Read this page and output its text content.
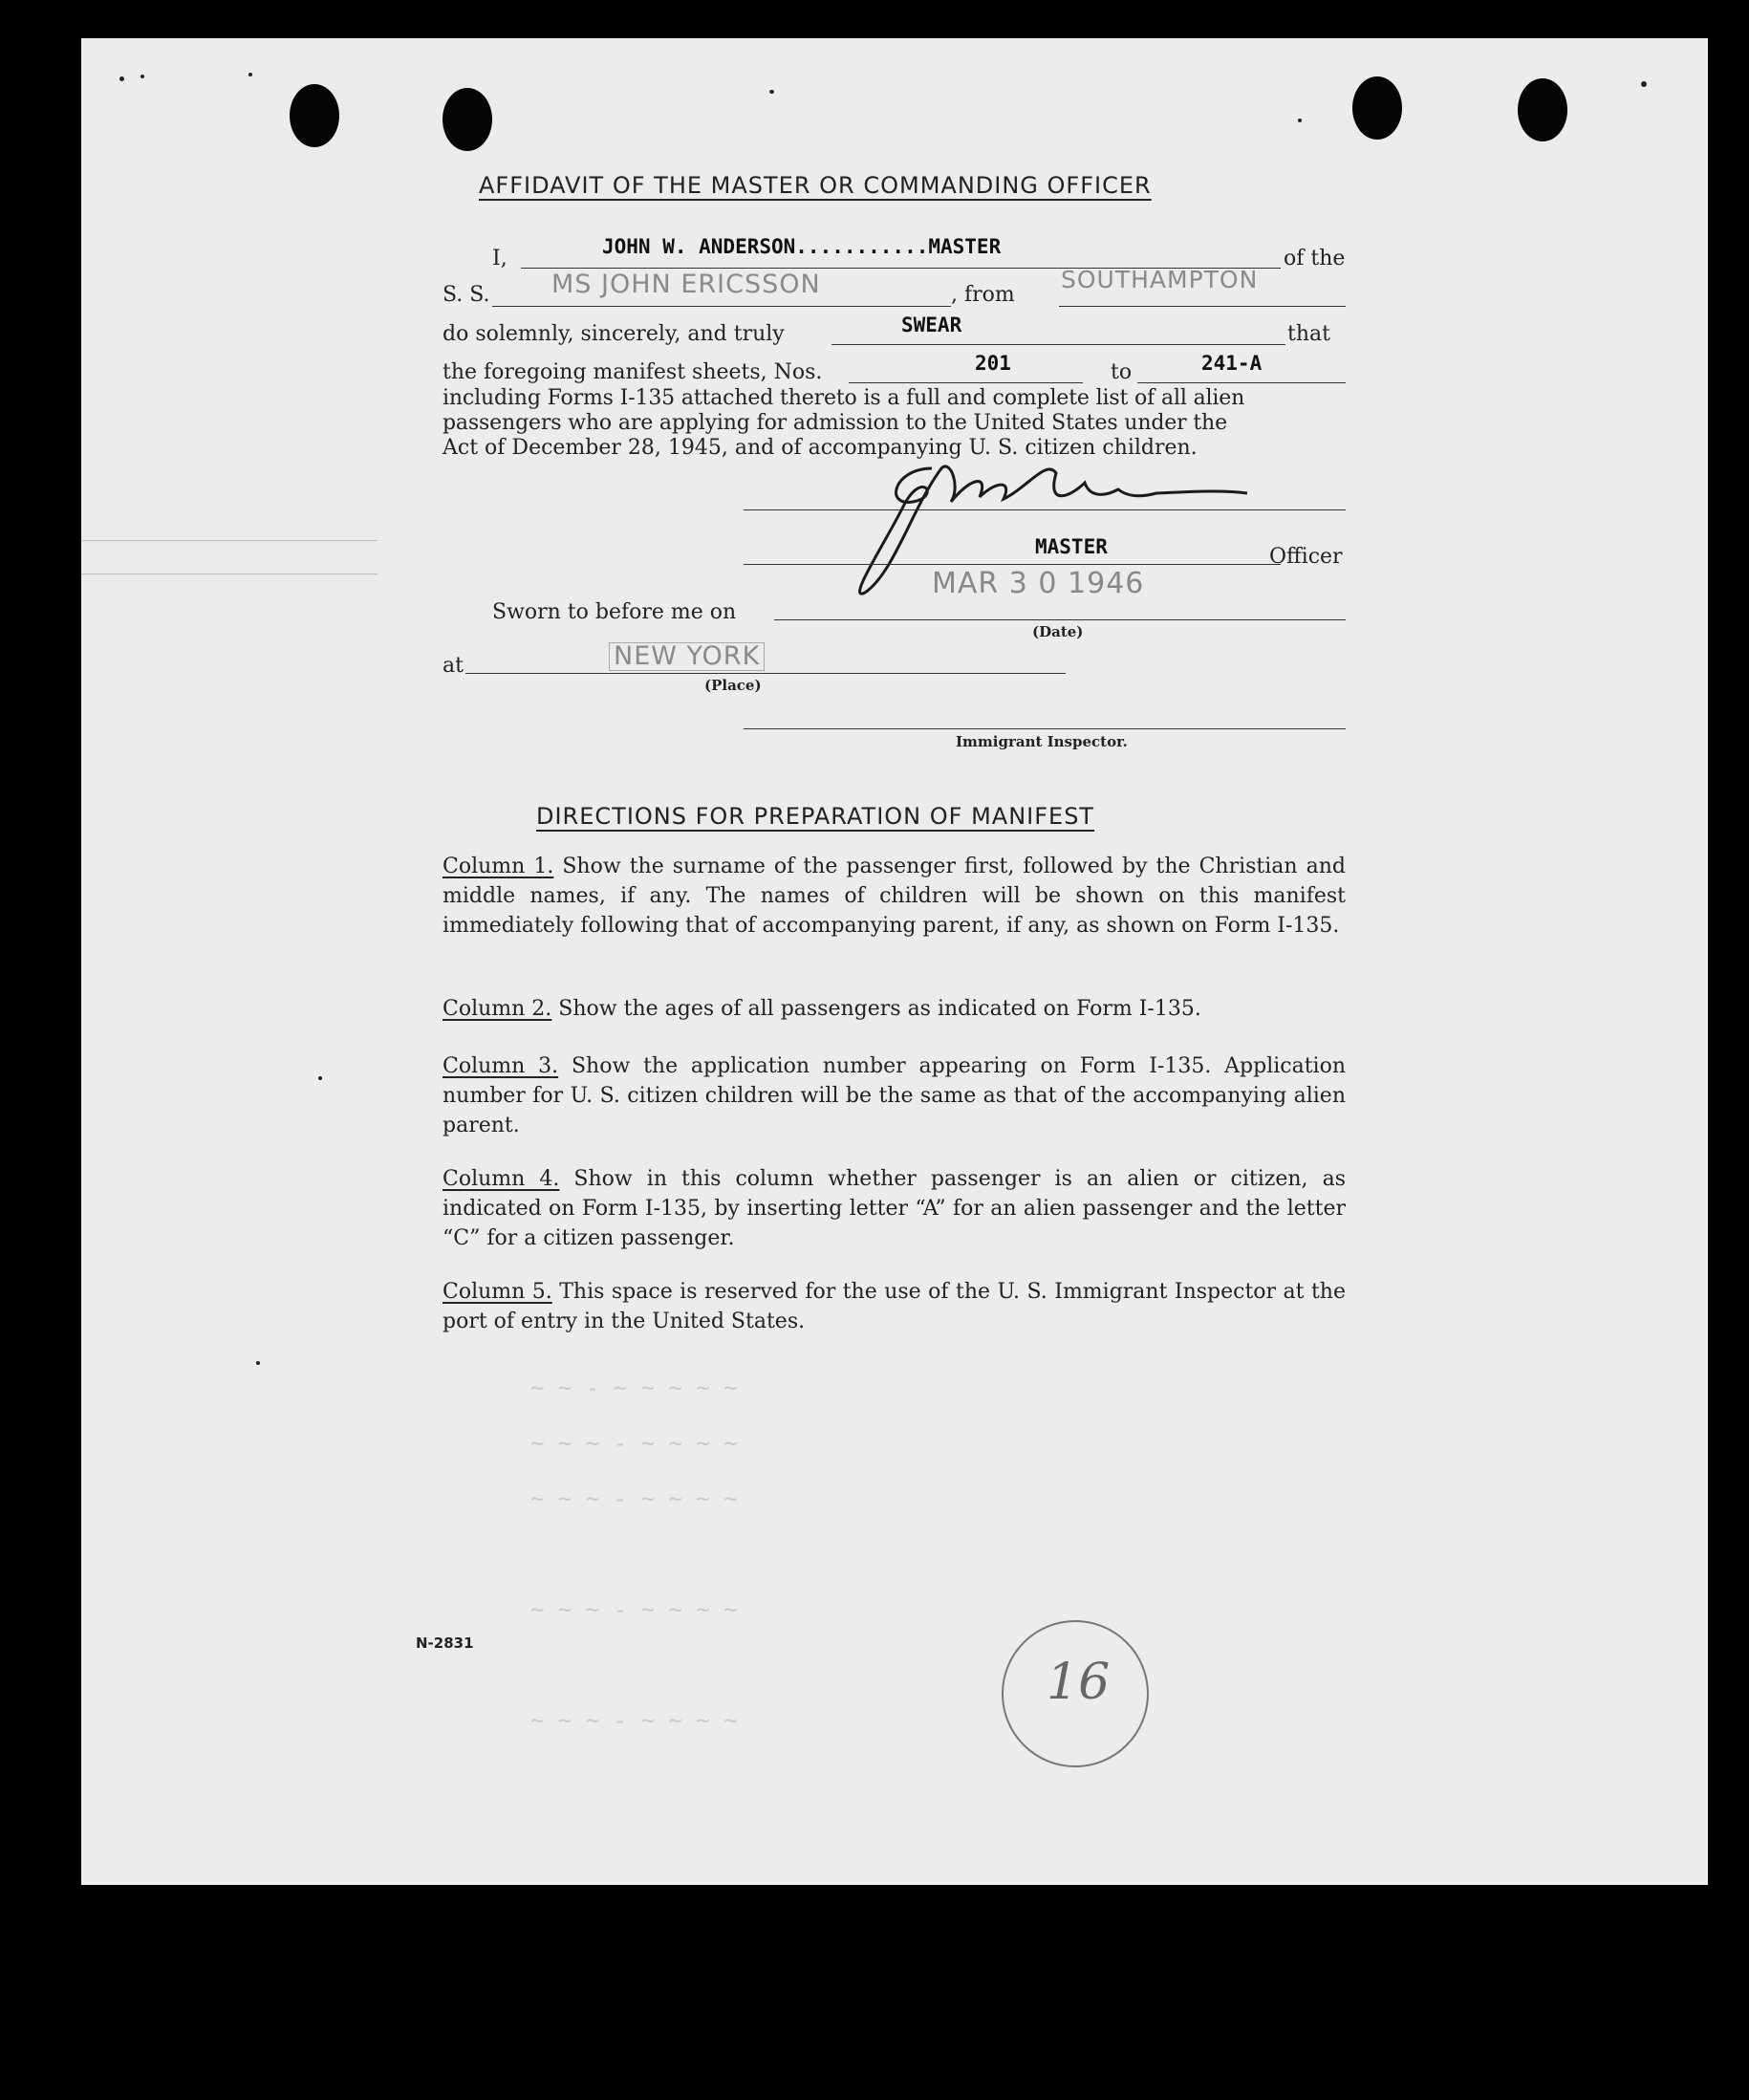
~ ~ - ~ ~ ~ ~ ~
~ ~ ~ - ~ ~ ~ ~
~ ~ ~ - ~ ~ ~ ~
~ ~ ~ - ~ ~ ~ ~
~ ~ ~ - ~ ~ ~ ~
AFFIDAVIT OF THE MASTER OR COMMANDING OFFICER
I,	JOHN W. ANDERSON...........MASTER	of the
S. S. MS JOHN ERICSSON	, from
SOUTHAMPTON
do solemnly, sincerely, and truly	SWEAR	that
the foregoing manifest sheets, Nos.	201	to	241-A
including Forms I-135 attached thereto is a full and complete list of all alien
passengers who are applying for admission to the United States under the
Act of December 28, 1945, and of accompanying U. S. citizen children.
MASTER	Officer
MAR 3 0 1946
Sworn to before me on
(Date)
at	NEW YORK
(Place)
Immigrant Inspector.
DIRECTIONS FOR PREPARATION OF MANIFEST
Column 1. Show the surname of the passenger first, followed by the Christian and middle names, if any. The names of children will be shown on this manifest immediately following that of accompanying parent, if any, as shown on Form I-135.
Column 2. Show the ages of all passengers as indicated on Form I-135.
Column 3. Show the application number appearing on Form I-135. Application number for U. S. citizen children will be the same as that of the accompanying alien parent.
Column 4. Show in this column whether passenger is an alien or citizen, as indicated on Form I-135, by inserting letter “A” for an alien passenger and the letter “C” for a citizen passenger.
Column 5. This space is reserved for the use of the U. S. Immigrant Inspector at the port of entry in the United States.
N-2831
16
